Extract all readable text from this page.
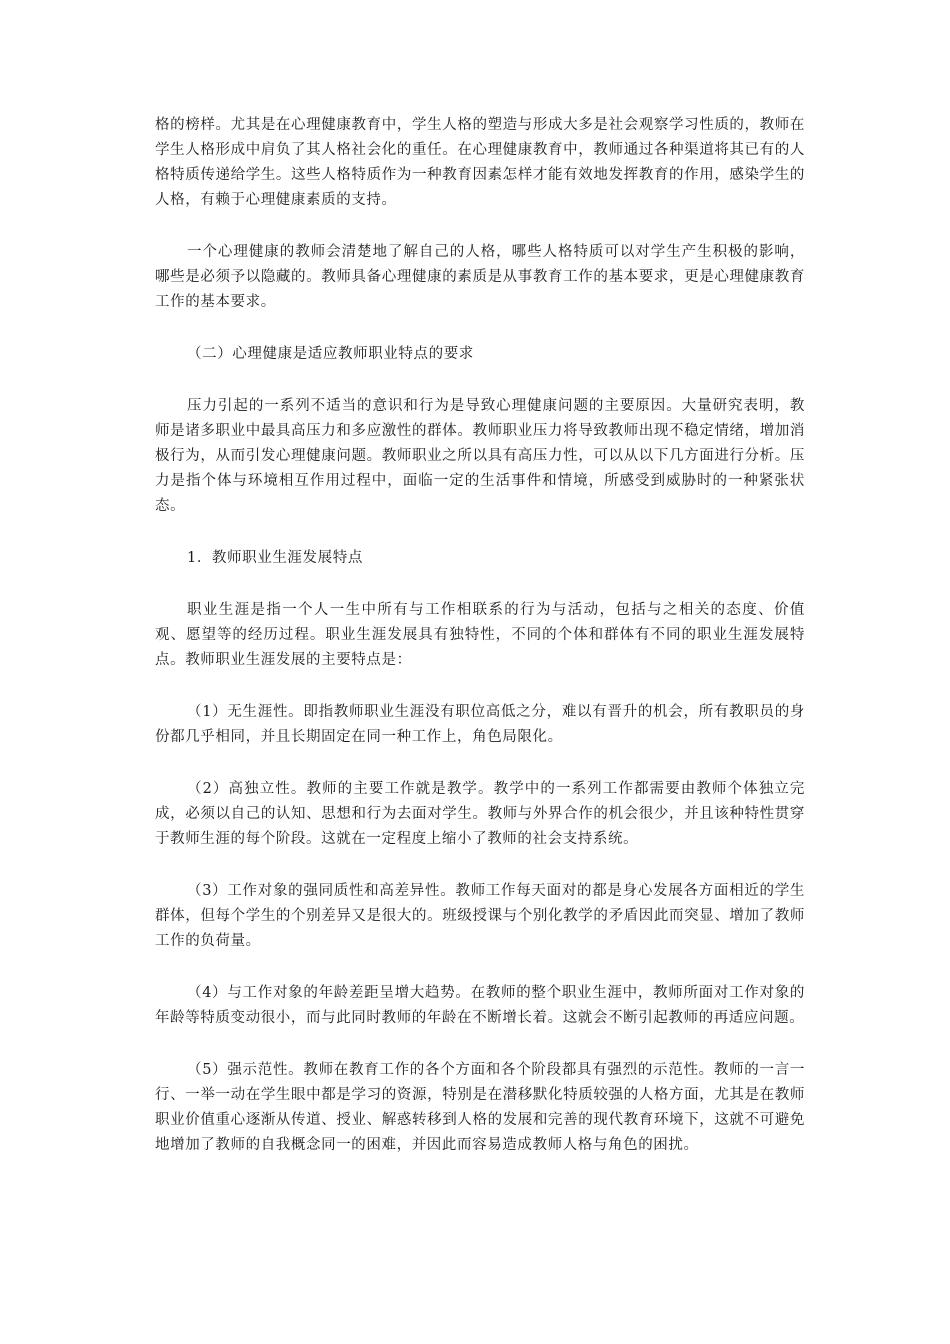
格的榜样。尤其是在心理健康教育中，学生人格的塑造与形成大多是社会观察学习性质的，教师在学生人格形成中肩负了其人格社会化的重任。在心理健康教育中，教师通过各种渠道将其已有的人格特质传递给学生。这些人格特质作为一种教育因素怎样才能有效地发挥教育的作用，感染学生的人格，有赖于心理健康素质的支持。

一个心理健康的教师会清楚地了解自己的人格，哪些人格特质可以对学生产生积极的影响，哪些是必须予以隐藏的。教师具备心理健康的素质是从事教育工作的基本要求，更是心理健康教育工作的基本要求。

（二）心理健康是适应教师职业特点的要求

压力引起的一系列不适当的意识和行为是导致心理健康问题的主要原因。大量研究表明，教师是诸多职业中最具高压力和多应激性的群体。教师职业压力将导致教师出现不稳定情绪，增加消极行为，从而引发心理健康问题。教师职业之所以具有高压力性，可以从以下几方面进行分析。压力是指个体与环境相互作用过程中，面临一定的生活事件和情境，所感受到威胁时的一种紧张状态。

1．教师职业生涯发展特点

职业生涯是指一个人一生中所有与工作相联系的行为与活动，包括与之相关的态度、价值观、愿望等的经历过程。职业生涯发展具有独特性，不同的个体和群体有不同的职业生涯发展特点。教师职业生涯发展的主要特点是：

（1）无生涯性。即指教师职业生涯没有职位高低之分，难以有晋升的机会，所有教职员的身份都几乎相同，并且长期固定在同一种工作上，角色局限化。

（2）高独立性。教师的主要工作就是教学。教学中的一系列工作都需要由教师个体独立完成，必须以自己的认知、思想和行为去面对学生。教师与外界合作的机会很少，并且该种特性贯穿于教师生涯的每个阶段。这就在一定程度上缩小了教师的社会支持系统。

（3）工作对象的强同质性和高差异性。教师工作每天面对的都是身心发展各方面相近的学生群体，但每个学生的个别差异又是很大的。班级授课与个别化教学的矛盾因此而突显、增加了教师工作的负荷量。

（4）与工作对象的年龄差距呈增大趋势。在教师的整个职业生涯中，教师所面对工作对象的年龄等特质变动很小，而与此同时教师的年龄在不断增长着。这就会不断引起教师的再适应问题。

（5）强示范性。教师在教育工作的各个方面和各个阶段都具有强烈的示范性。教师的一言一行、一举一动在学生眼中都是学习的资源，特别是在潜移默化特质较强的人格方面，尤其是在教师职业价值重心逐渐从传道、授业、解惑转移到人格的发展和完善的现代教育环境下，这就不可避免地增加了教师的自我概念同一的困难，并因此而容易造成教师人格与角色的困扰。
